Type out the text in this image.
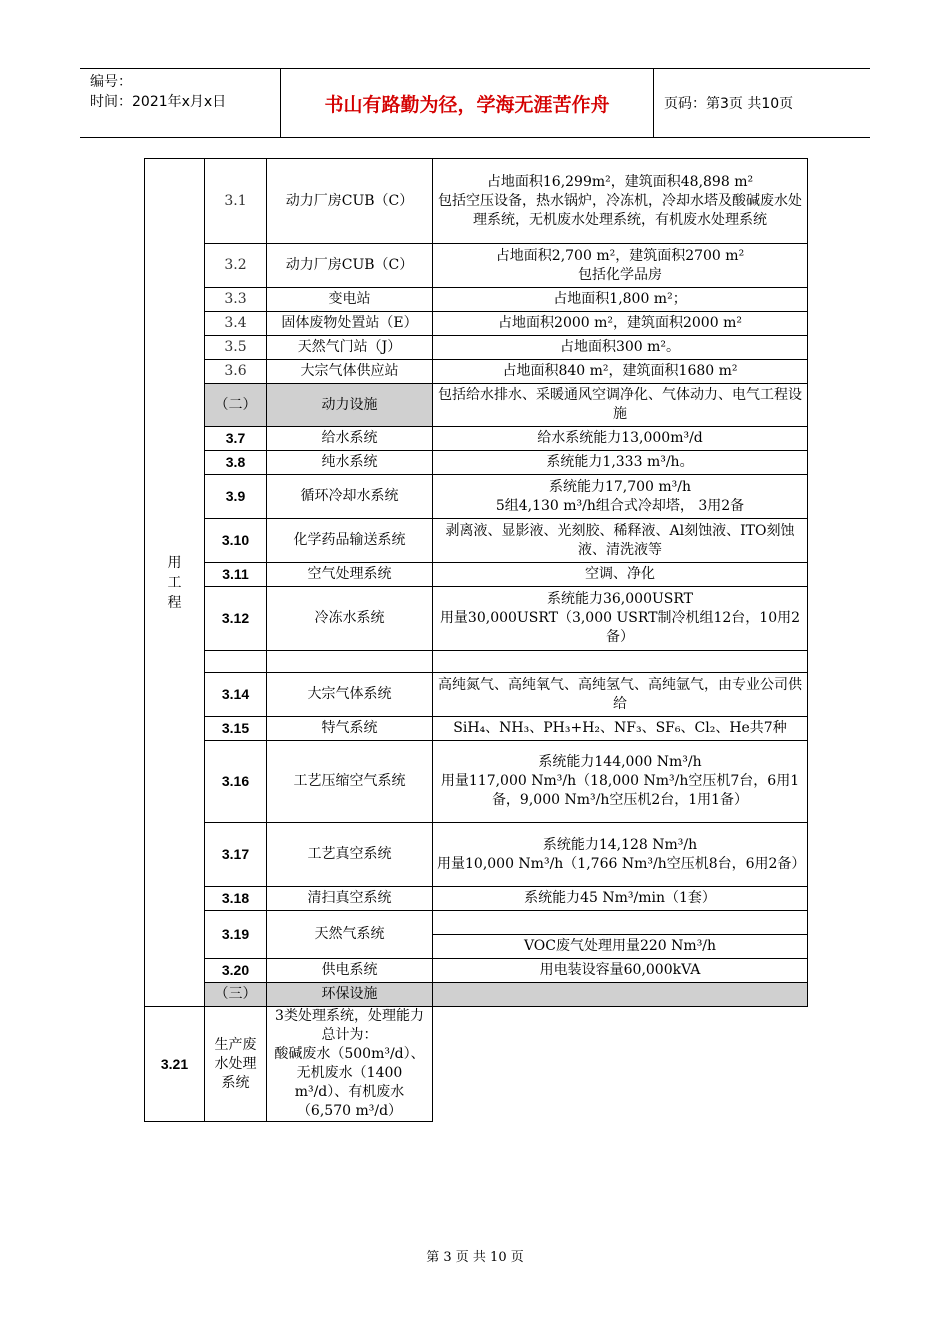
编号：
时间：2021年x月x日	书山有路勤为径，学海无涯苦作舟	页码：第3页 共10页
用
工
程	3.1	动力厂房CUB（C）	占地面积16,299m²，建筑面积48,898 m²
包括空压设备，热水锅炉，冷冻机，冷却水塔及酸碱废水处理系统，无机废水处理系统，有机废水处理系统
	3.2	动力厂房CUB（C）	占地面积2,700 m²，建筑面积2700 m²
包括化学品房
	3.3	变电站	占地面积1,800 m²；
	3.4	固体废物处置站（E）	占地面积2000 m²，建筑面积2000 m²
	3.5	天然气门站（J）	占地面积300 m²。
	3.6	大宗气体供应站	占地面积840 m²，建筑面积1680 m²
	（二）	动力设施	包括给水排水、采暖通风空调净化、气体动力、电气工程设施
	3.7	给水系统	给水系统能力13,000m³/d
	3.8	纯水系统	系统能力1,333 m³/h。
	3.9	循环冷却水系统	系统能力17,700 m³/h
5组4,130 m³/h组合式冷却塔， 3用2备
	3.10	化学药品输送系统	剥离液、显影液、光刻胶、稀释液、Al刻蚀液、ITO刻蚀液、清洗液等
	3.11	空气处理系统	空调、净化
	3.12	冷冻水系统	系统能力36,000USRT
用量30,000USRT（3,000 USRT制冷机组12台，10用2备）

	3.14	大宗气体系统	高纯氮气、高纯氧气、高纯氢气、高纯氩气，由专业公司供给
	3.15	特气系统	SiH₄、NH₃、PH₃+H₂、NF₃、SF₆、Cl₂、He共7种
	3.16	工艺压缩空气系统	系统能力144,000 Nm³/h
用量117,000 Nm³/h（18,000 Nm³/h空压机7台，6用1备，9,000 Nm³/h空压机2台，1用1备）
	3.17	工艺真空系统	系统能力14,128 Nm³/h
用量10,000 Nm³/h（1,766 Nm³/h空压机8台，6用2备）
	3.18	清扫真空系统	系统能力45 Nm³/min（1套）
	3.19	天然气系统	
			VOC废气处理用量220 Nm³/h
	3.20	供电系统	用电装设容量60,000kVA
	（三）	环保设施	
3.21	生产废水处理系统	3类处理系统，处理能力总计为：
酸碱废水（500m³/d）、无机废水（1400 m³/d）、有机废水（6,570 m³/d）	
第 3 页 共 10 页
